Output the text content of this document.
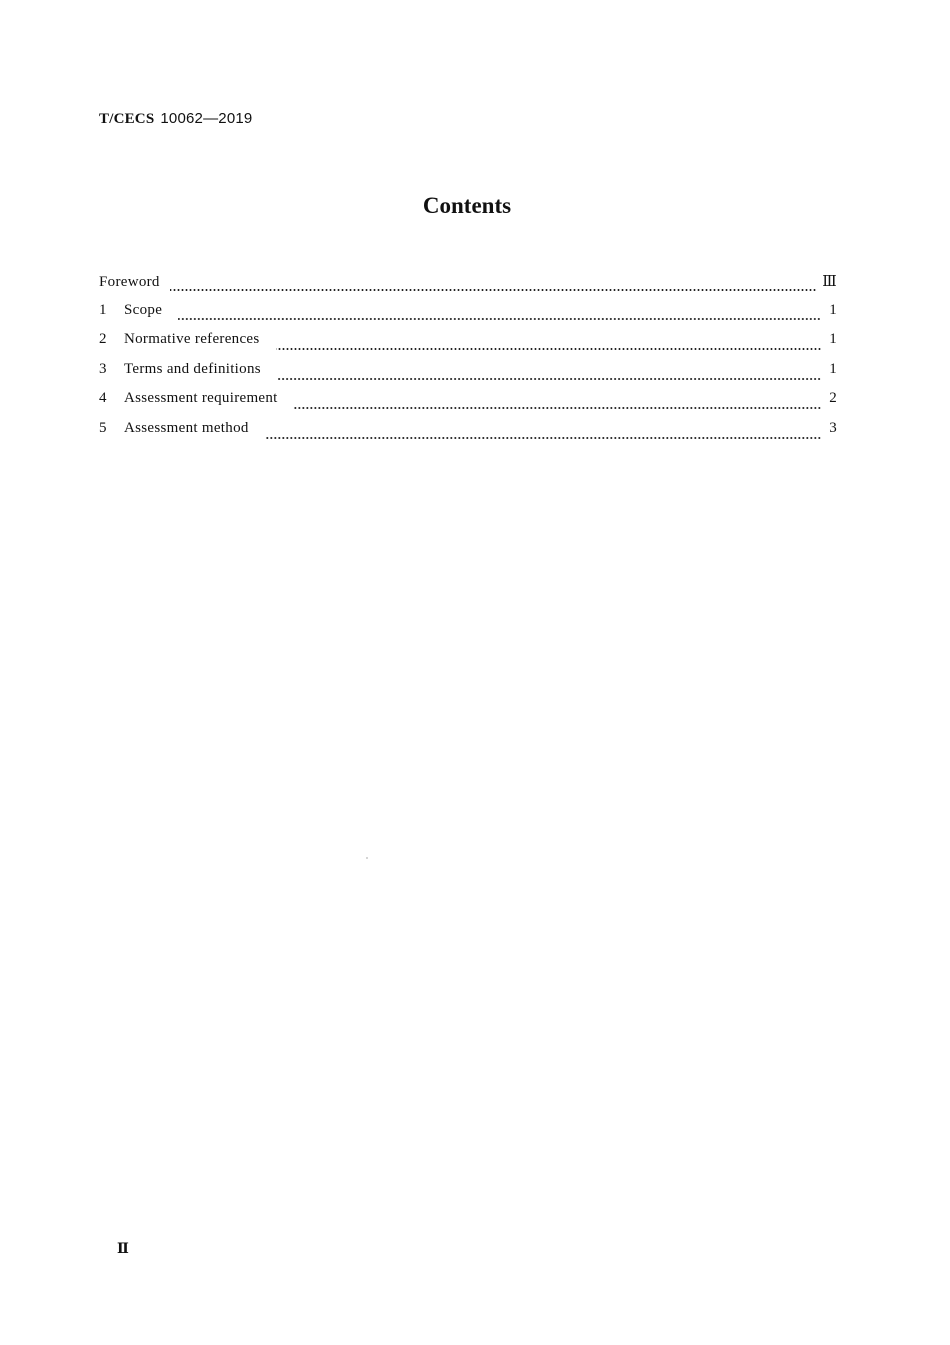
T/CECS 10062—2019
Contents
Foreword	Ⅲ
1	Scope	1
2	Normative references	1
3	Terms and definitions	1
4	Assessment requirement	2
5	Assessment method	3
Ⅱ
